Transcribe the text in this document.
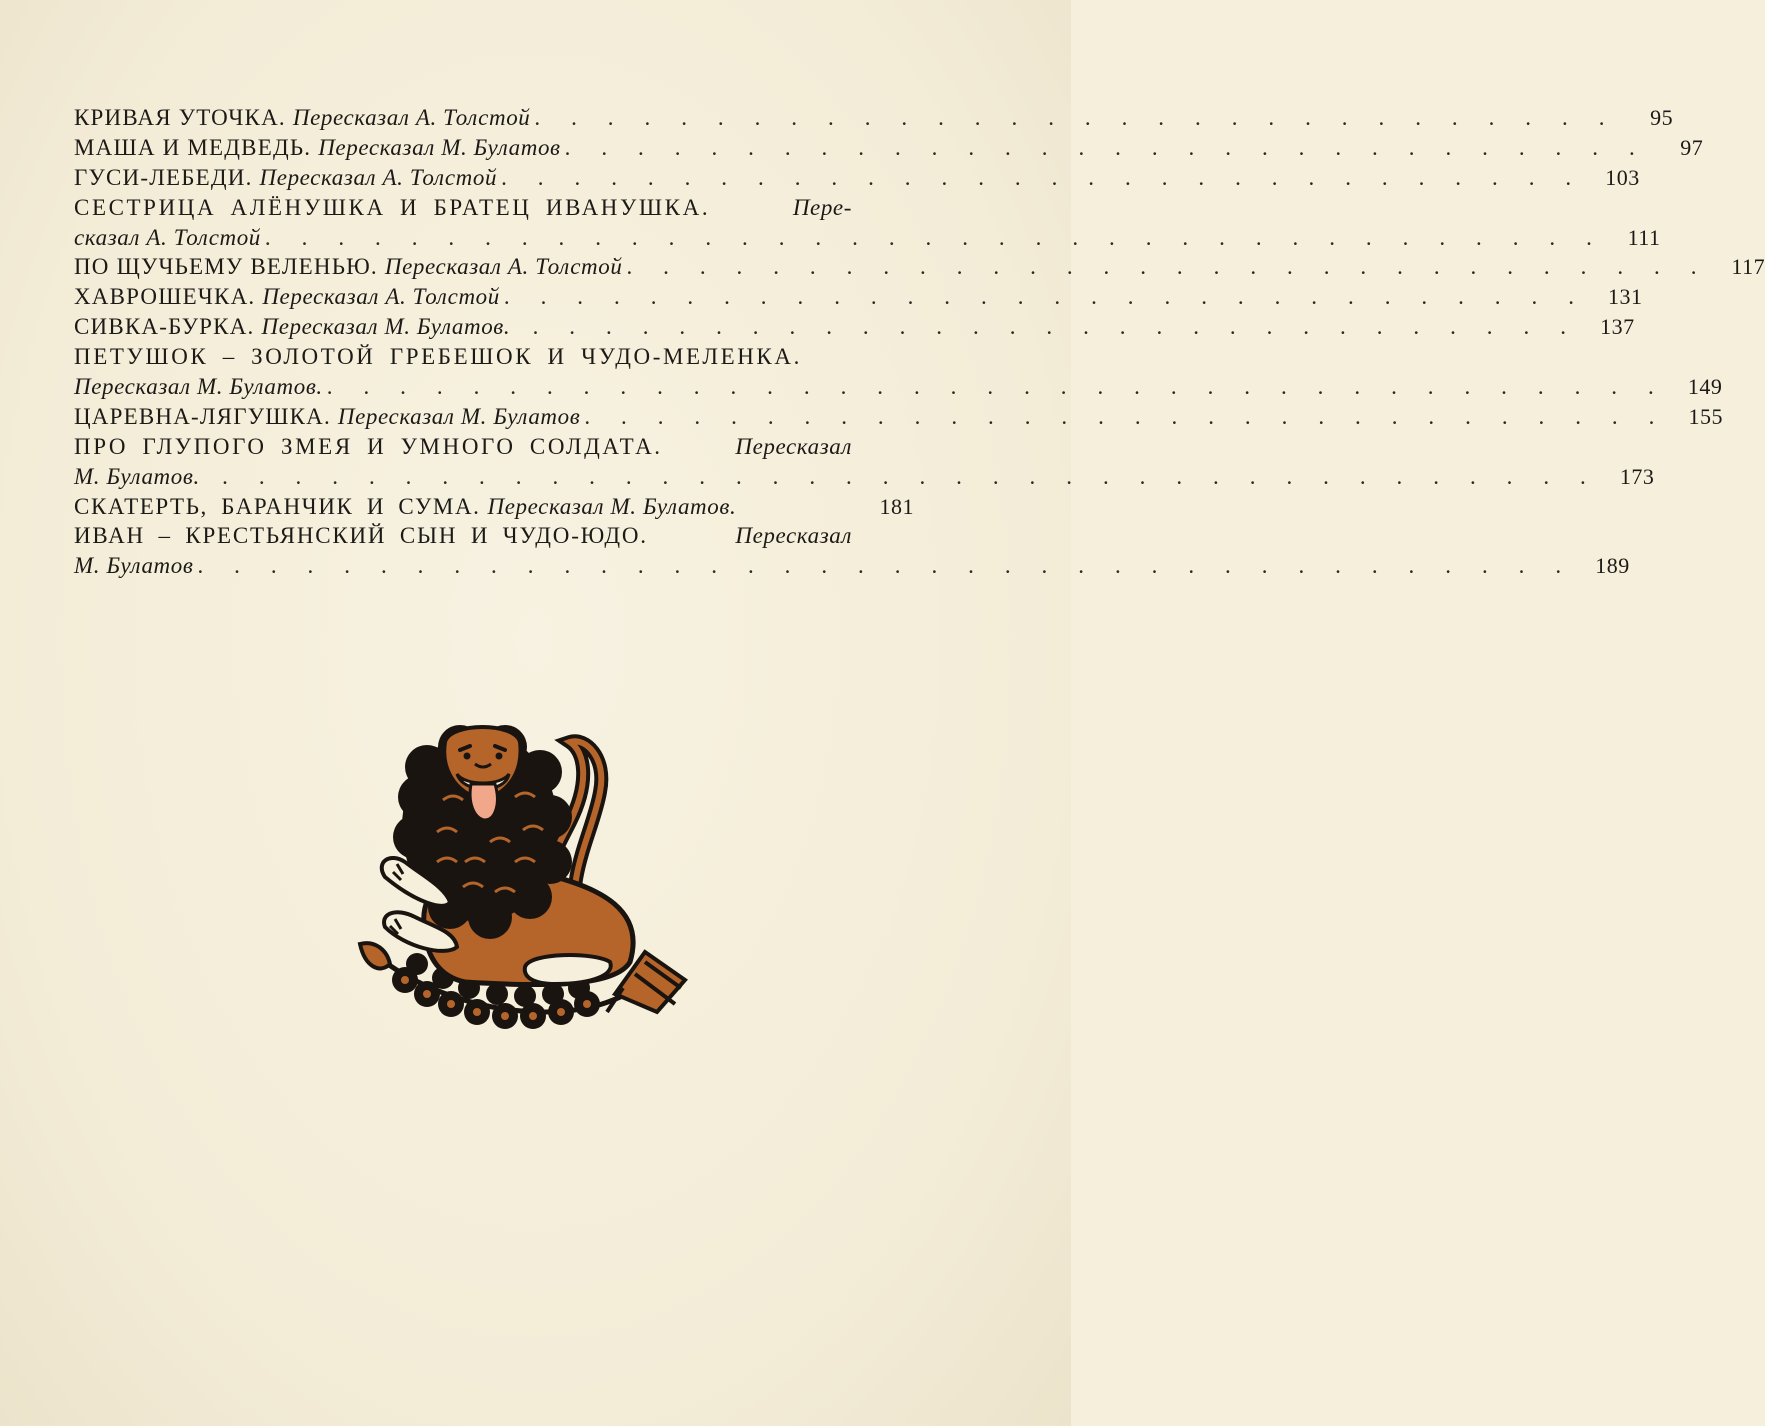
КРИВАЯ УТОЧКА. Пересказал А. Толстой . . . . . . . . . . . . . . . . . . . . . . . . . . . . . .	95
МАША И МЕДВЕДЬ. Пересказал М. Булатов . . . . . . . . . . . . . . . . . . . . . . . . . . . . . .	97
ГУСИ-ЛЕБЕДИ. Пересказал А. Толстой . . . . . . . . . . . . . . . . . . . . . . . . . . . . . . 103
СЕСТРИЦА АЛЁНУШКА И БРАТЕЦ ИВАНУШКА.	Пере-
сказал А. Толстой . . . . . . . . . . . . . . . . . . . . . . . . . . . . . . . . . . . . .	111
ПО ЩУЧЬЕМУ ВЕЛЕНЬЮ. Пересказал А. Толстой . . . . . . . . . . . . . . . . . . . . . . . . . . . . . .	117
ХАВРОШЕЧКА. Пересказал А. Толстой . . . . . . . . . . . . . . . . . . . . . . . . . . . . . . 131
СИВКА-БУРКА. Пересказал М. Булатов. . . . . . . . . . . . . . . . . . . . . . . . . . . . . . 137
ПЕТУШОК – ЗОЛОТОЙ ГРЕБЕШОК И ЧУДО-МЕЛЕНКА.
Пересказал М. Булатов. . . . . . . . . . . . . . . . . . . . . . . . . . . . . . . . . . . . . . 149
ЦАРЕВНА-ЛЯГУШКА. Пересказал М. Булатов . . . . . . . . . . . . . . . . . . . . . . . . . . . . . . 155
ПРО ГЛУПОГО ЗМЕЯ И УМНОГО СОЛДАТА.	Пересказал
М. Булатов. . . . . . . . . . . . . . . . . . . . . . . . . . . . . . . . . . . . . . . 173
СКАТЕРТЬ, БАРАНЧИК И СУМА. Пересказал М. Булатов.	181
ИВАН – КРЕСТЬЯНСКИЙ СЫН И ЧУДО-ЮДО.	Пересказал
М. Булатов . . . . . . . . . . . . . . . . . . . . . . . . . . . . . . . . . . . . . . 189
